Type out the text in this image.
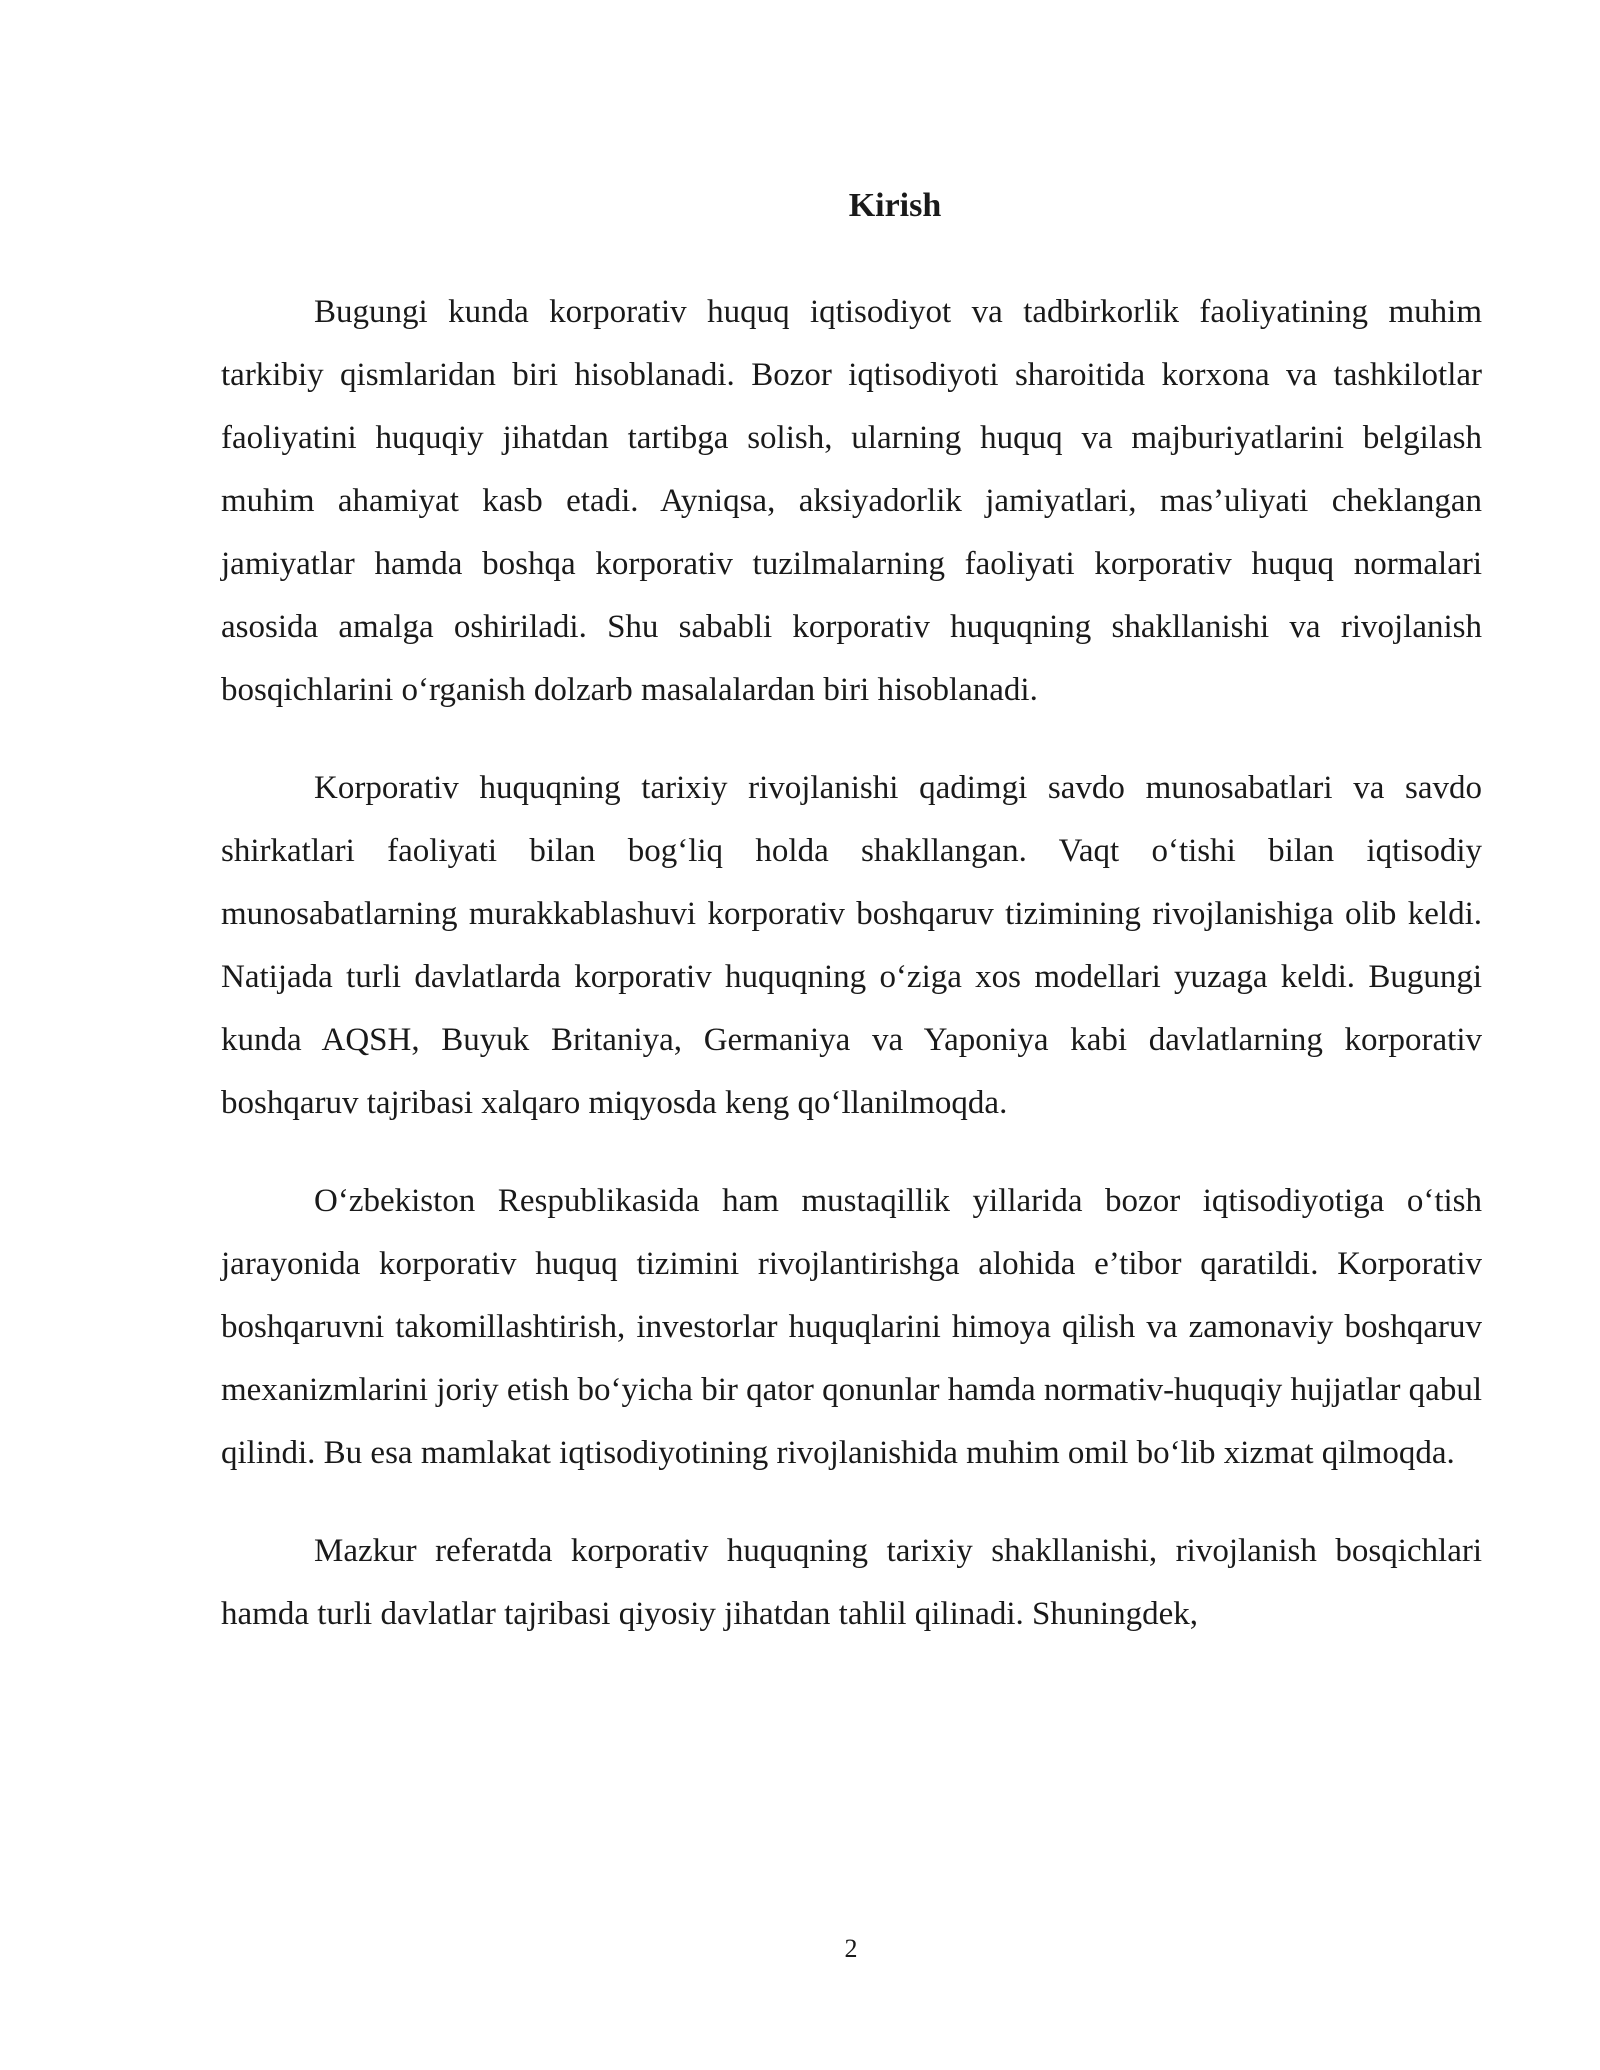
Kirish

Bugungi kunda korporativ huquq iqtisodiyot va tadbirkorlik faoliyatining muhim tarkibiy qismlaridan biri hisoblanadi. Bozor iqtisodiyoti sharoitida korxona va tashkilotlar faoliyatini huquqiy jihatdan tartibga solish, ularning huquq va majburiyatlarini belgilash muhim ahamiyat kasb etadi. Ayniqsa, aksiyadorlik jamiyatlari, mas’uliyati cheklangan jamiyatlar hamda boshqa korporativ tuzilmalarning faoliyati korporativ huquq normalari asosida amalga oshiriladi. Shu sababli korporativ huquqning shakllanishi va rivojlanish bosqichlarini o‘rganish dolzarb masalalardan biri hisoblanadi.

Korporativ huquqning tarixiy rivojlanishi qadimgi savdo munosabatlari va savdo shirkatlari faoliyati bilan bog‘liq holda shakllangan. Vaqt o‘tishi bilan iqtisodiy munosabatlarning murakkablashuvi korporativ boshqaruv tizimining rivojlanishiga olib keldi. Natijada turli davlatlarda korporativ huquqning o‘ziga xos modellari yuzaga keldi. Bugungi kunda AQSH, Buyuk Britaniya, Germaniya va Yaponiya kabi davlatlarning korporativ boshqaruv tajribasi xalqaro miqyosda keng qo‘llanilmoqda.

O‘zbekiston Respublikasida ham mustaqillik yillarida bozor iqtisodiyotiga o‘tish jarayonida korporativ huquq tizimini rivojlantirishga alohida e’tibor qaratildi. Korporativ boshqaruvni takomillashtirish, investorlar huquqlarini himoya qilish va zamonaviy boshqaruv mexanizmlarini joriy etish bo‘yicha bir qator qonunlar hamda normativ-huquqiy hujjatlar qabul qilindi. Bu esa mamlakat iqtisodiyotining rivojlanishida muhim omil bo‘lib xizmat qilmoqda.

Mazkur referatda korporativ huquqning tarixiy shakllanishi, rivojlanish bosqichlari hamda turli davlatlar tajribasi qiyosiy jihatdan tahlil qilinadi. Shuningdek,

2
